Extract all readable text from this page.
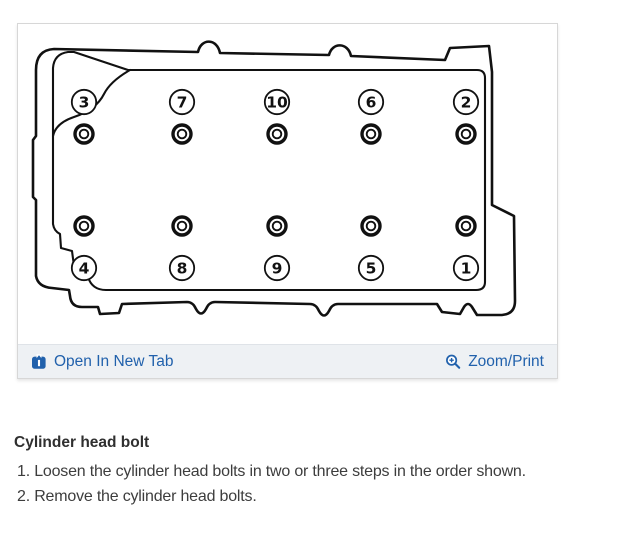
3	7	10	6	2
4	8	9	5	1
Open In New Tab	Zoom/Print
Cylinder head bolt
1. Loosen the cylinder head bolts in two or three steps in the order shown.
2. Remove the cylinder head bolts.
